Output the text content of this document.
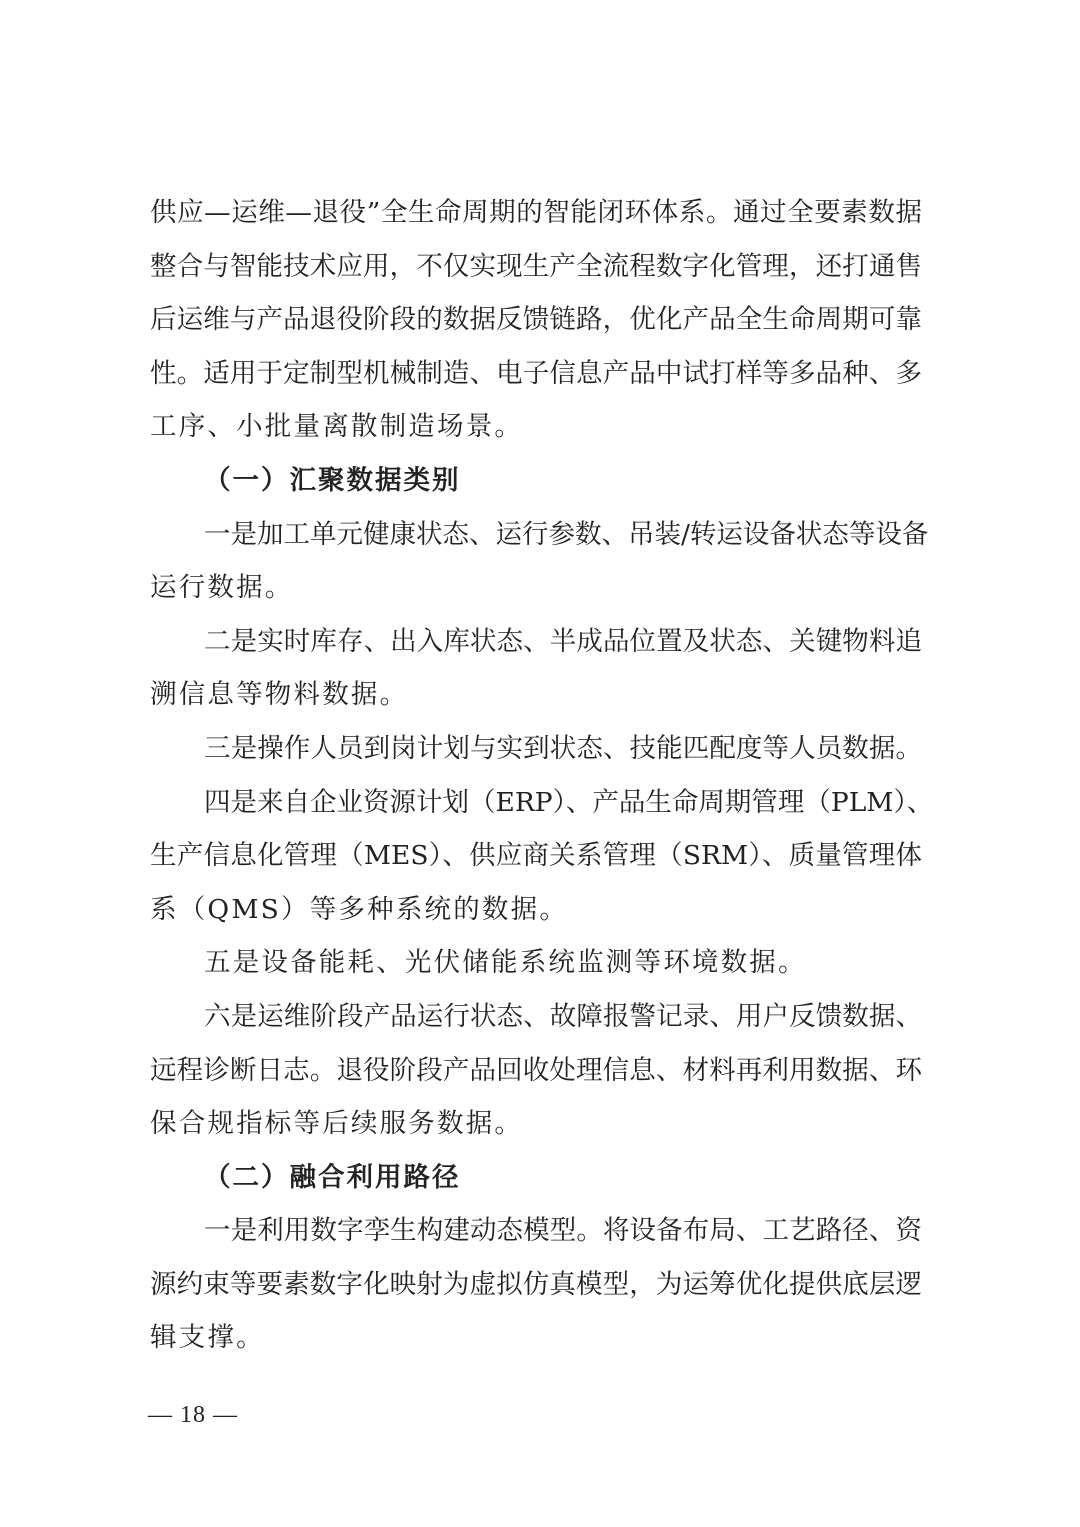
供应—运维—退役”全生命周期的智能闭环体系。通过全要素数据
整合与智能技术应用，不仅实现生产全流程数字化管理，还打通售
后运维与产品退役阶段的数据反馈链路，优化产品全生命周期可靠
性。适用于定制型机械制造、电子信息产品中试打样等多品种、多
工序、小批量离散制造场景。
（一）汇聚数据类别
一是加工单元健康状态、运行参数、吊装/转运设备状态等设备
运行数据。
二是实时库存、出入库状态、半成品位置及状态、关键物料追
溯信息等物料数据。
三是操作人员到岗计划与实到状态、技能匹配度等人员数据。
四是来自企业资源计划（ERP）、产品生命周期管理（PLM）、
生产信息化管理（MES）、供应商关系管理（SRM）、质量管理体
系（QMS）等多种系统的数据。
五是设备能耗、光伏储能系统监测等环境数据。
六是运维阶段产品运行状态、故障报警记录、用户反馈数据、
远程诊断日志。退役阶段产品回收处理信息、材料再利用数据、环
保合规指标等后续服务数据。
（二）融合利用路径
一是利用数字孪生构建动态模型。将设备布局、工艺路径、资
源约束等要素数字化映射为虚拟仿真模型，为运筹优化提供底层逻
辑支撑。
— 18 —
